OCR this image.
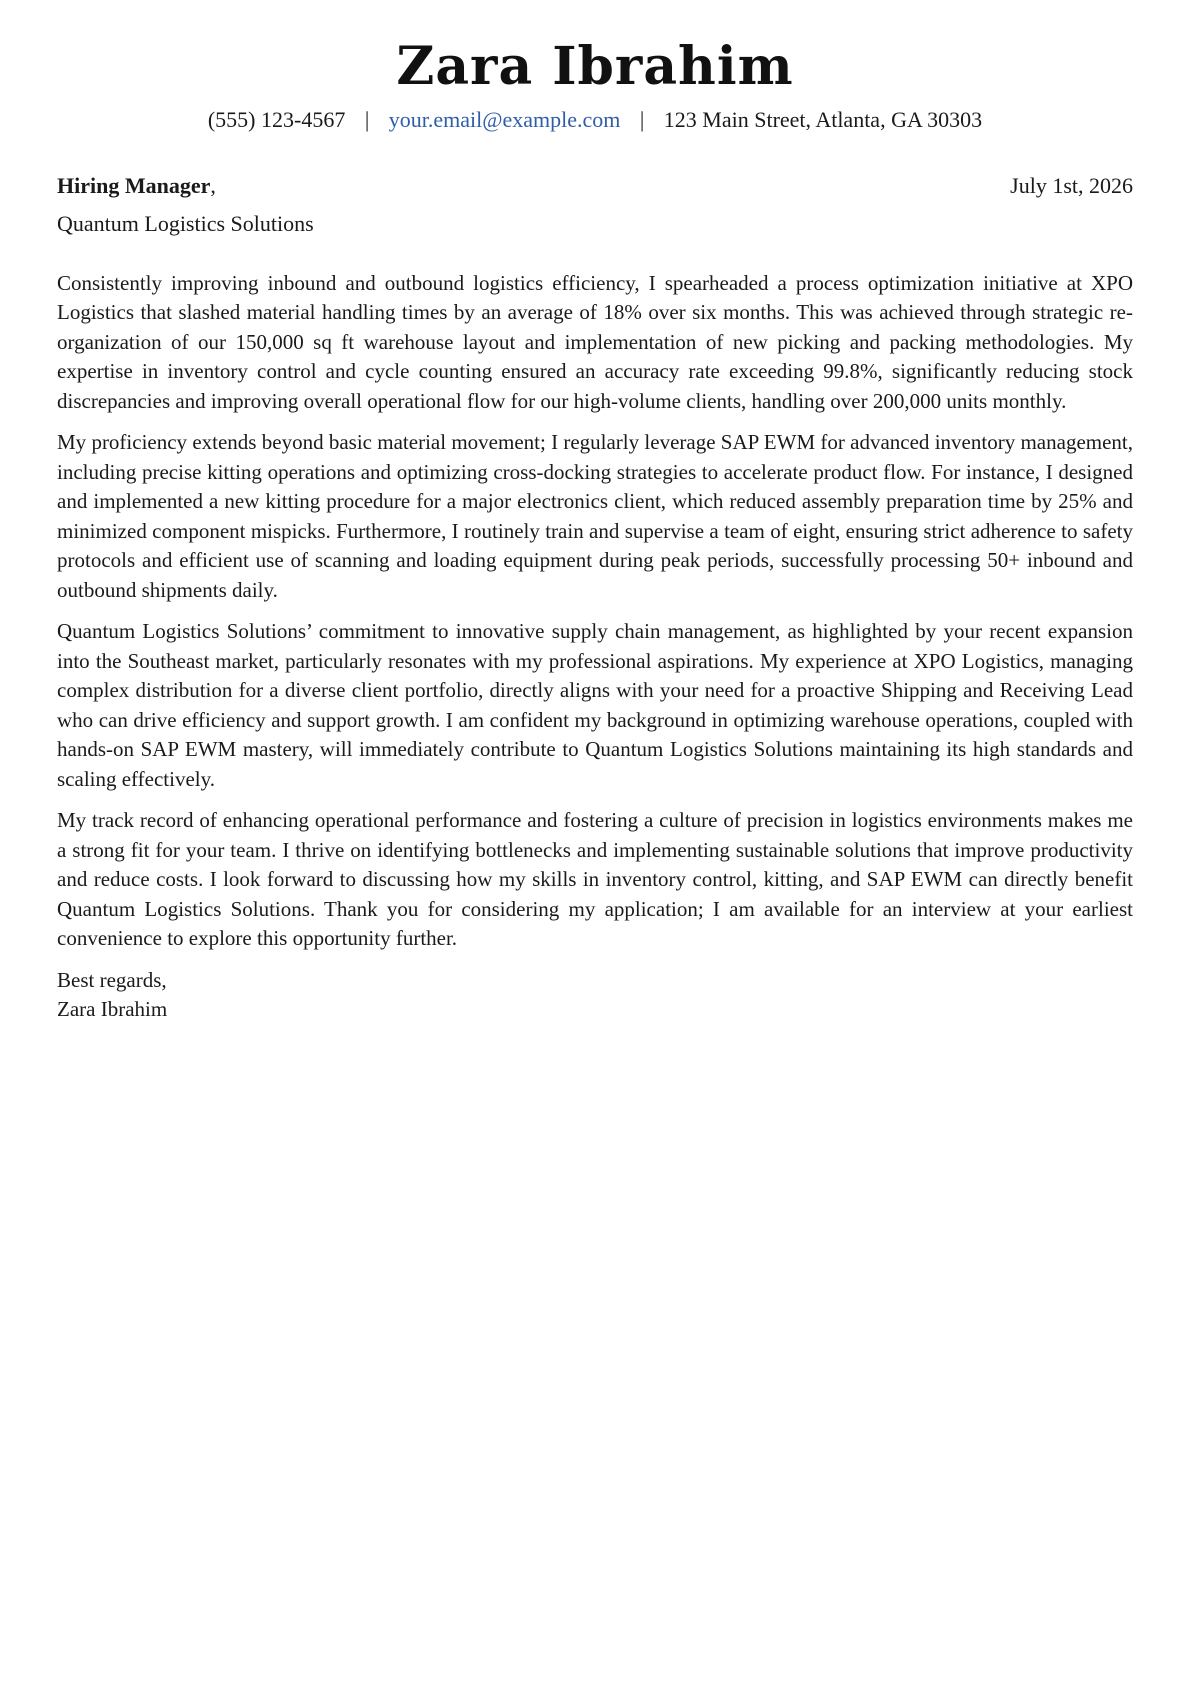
Zara Ibrahim
(555) 123-4567 | your.email@example.com | 123 Main Street, Atlanta, GA 30303
Hiring Manager,	July 1st, 2026
Quantum Logistics Solutions

Consistently improving inbound and outbound logistics efficiency, I spearheaded a process optimization initiative at XPO Logistics that slashed material handling times by an average of 18% over six months. This was achieved through strategic re-organization of our 150,000 sq ft warehouse layout and implementation of new picking and packing methodologies. My expertise in inventory control and cycle counting ensured an accuracy rate exceeding 99.8%, significantly reducing stock discrepancies and improving overall operational flow for our high-volume clients, handling over 200,000 units monthly.

My proficiency extends beyond basic material movement; I regularly leverage SAP EWM for advanced inventory management, including precise kitting operations and optimizing cross-docking strategies to accelerate product flow. For instance, I designed and implemented a new kitting procedure for a major electronics client, which reduced assembly preparation time by 25% and minimized component mispicks. Furthermore, I routinely train and supervise a team of eight, ensuring strict adherence to safety protocols and efficient use of scanning and loading equipment during peak periods, successfully processing 50+ inbound and outbound shipments daily.

Quantum Logistics Solutions’ commitment to innovative supply chain management, as highlighted by your recent expansion into the Southeast market, particularly resonates with my professional aspirations. My experience at XPO Logistics, managing complex distribution for a diverse client portfolio, directly aligns with your need for a proactive Shipping and Receiving Lead who can drive efficiency and support growth. I am confident my background in optimizing warehouse operations, coupled with hands-on SAP EWM mastery, will immediately contribute to Quantum Logistics Solutions maintaining its high standards and scaling effectively.

My track record of enhancing operational performance and fostering a culture of precision in logistics environments makes me a strong fit for your team. I thrive on identifying bottlenecks and implementing sustainable solutions that improve productivity and reduce costs. I look forward to discussing how my skills in inventory control, kitting, and SAP EWM can directly benefit Quantum Logistics Solutions. Thank you for considering my application; I am available for an interview at your earliest convenience to explore this opportunity further.

Best regards,
Zara Ibrahim
